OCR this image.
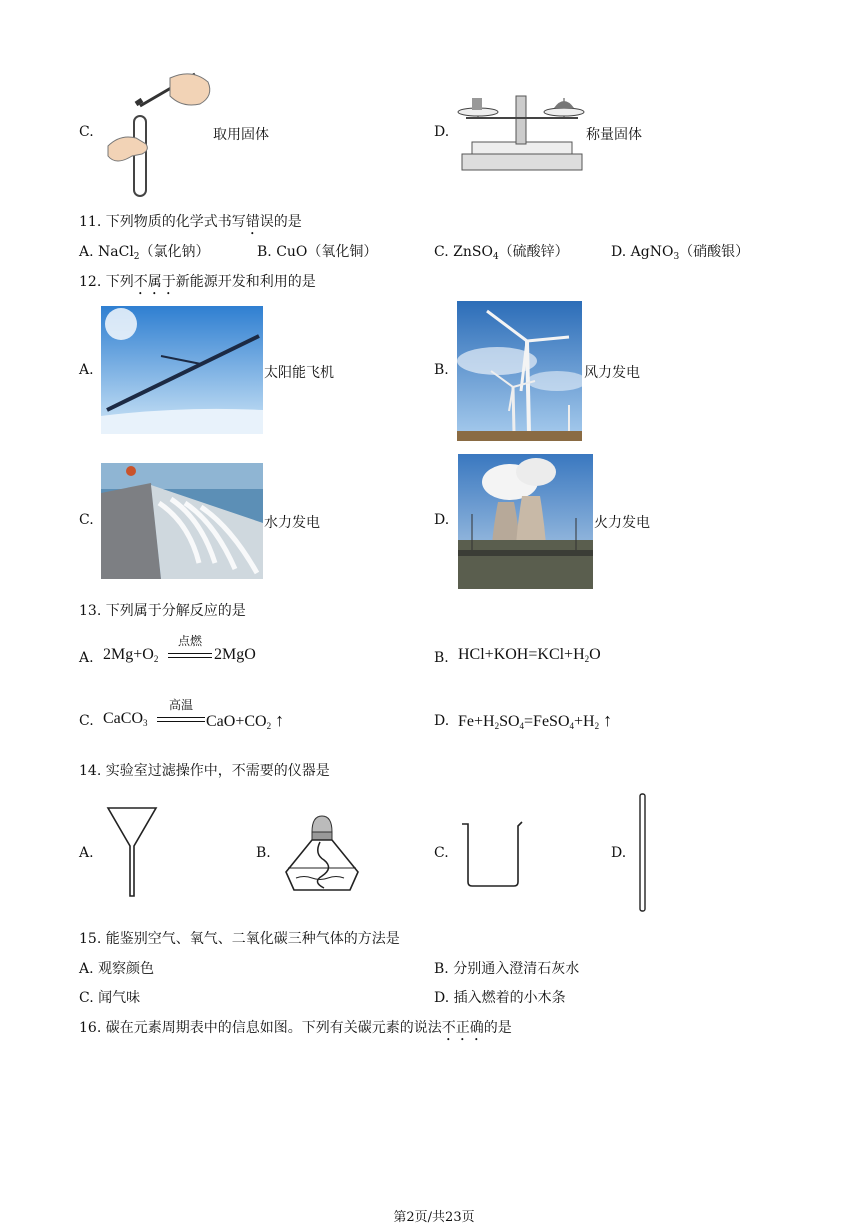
C.	取用固体	D.	称量固体
11. 下列物质的化学式书写错误的是
A. NaCl$_2$（氯化钠）	B. CuO（氧化铜）	C. ZnSO$_4$（硫酸锌）	D. AgNO$_3$（硝酸银）
12. 下列不属于新能源开发和利用的是
A.	太阳能飞机	B.	风力发电
C.	水力发电	D.	火力发电
13. 下列属于分解反应的是
A. $2Mg+O_2$
点燃
2MgO	B. $HCl+KOH=KCl+H_2O$
C. CaCO$_3$
高温
$CaO+CO_2$ ↑	D. $Fe+H_2SO_4=FeSO_4+H_2$ ↑
14. 实验室过滤操作中，不需要的仪器是
A.	B.	C.	D.
15. 能鉴别空气、氧气、二氧化碳三种气体的方法是
A. 观察颜色	B. 分别通入澄清石灰水
C. 闻气味	D. 插入燃着的小木条
16. 碳在元素周期表中的信息如图。下列有关碳元素的说法不正确的是
第2页/共23页
